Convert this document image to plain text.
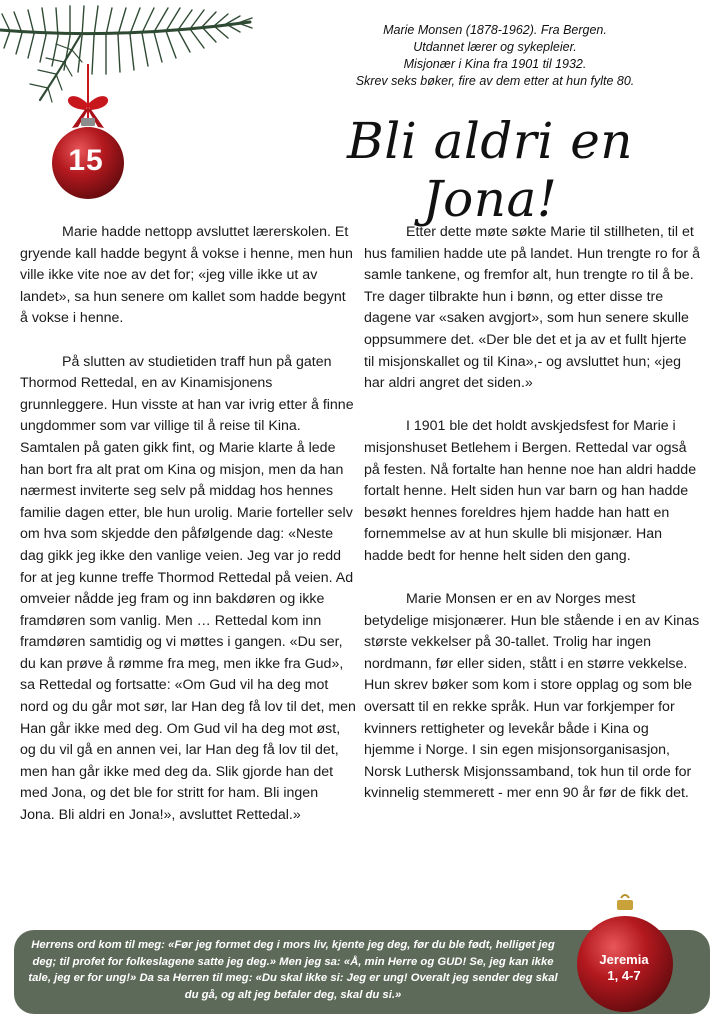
15
Marie Monsen (1878-1962). Fra Bergen.
Utdannet lærer og sykepleier.
Misjonær i Kina fra 1901 til 1932.
Skrev seks bøker, fire av dem etter at hun fylte 80.
Bli aldri en Jona!

Marie hadde nettopp avsluttet lærerskolen. Et gryende kall hadde begynt å vokse i henne, men hun ville ikke vite noe av det for; «jeg ville ikke ut av landet», sa hun senere om kallet som hadde begynt å vokse i henne.

På slutten av studietiden traff hun på gaten Thormod Rettedal, en av Kinamisjonens grunnleggere. Hun visste at han var ivrig etter å finne ungdommer som var villige til å reise til Kina. Samtalen på gaten gikk fint, og Marie klarte å lede han bort fra alt prat om Kina og misjon, men da han nærmest inviterte seg selv på middag hos hennes familie dagen etter, ble hun urolig. Marie forteller selv om hva som skjedde den påfølgende dag: «Neste dag gikk jeg ikke den vanlige veien. Jeg var jo redd for at jeg kunne treffe Thormod Rettedal på veien. Ad omveier nådde jeg fram og inn bakdøren og ikke framdøren som vanlig. Men … Rettedal kom inn framdøren samtidig og vi møttes i gangen. «Du ser, du kan prøve å rømme fra meg, men ikke fra Gud», sa Rettedal og fortsatte: «Om Gud vil ha deg mot nord og du går mot sør, lar Han deg få lov til det, men Han går ikke med deg. Om Gud vil ha deg mot øst, og du vil gå en annen vei, lar Han deg få lov til det, men han går ikke med deg da. Slik gjorde han det med Jona, og det ble for stritt for ham. Bli ingen Jona. Bli aldri en Jona!», avsluttet Rettedal.»

Etter dette møte søkte Marie til stillheten, til et hus familien hadde ute på landet. Hun trengte ro for å samle tankene, og fremfor alt, hun trengte ro til å be. Tre dager tilbrakte hun i bønn, og etter disse tre dagene var «saken avgjort», som hun senere skulle oppsummere det. «Der ble det et ja av et fullt hjerte til misjonskallet og til Kina»,- og avsluttet hun; «jeg har aldri angret det siden.»

I 1901 ble det holdt avskjedsfest for Marie i misjonshuset Betlehem i Bergen. Rettedal var også på festen. Nå fortalte han henne noe han aldri hadde fortalt henne. Helt siden hun var barn og han hadde besøkt hennes foreldres hjem hadde han hatt en fornemmelse av at hun skulle bli misjonær. Han hadde bedt for henne helt siden den gang.

Marie Monsen er en av Norges mest betydelige misjonærer. Hun ble stående i en av Kinas største vekkelser på 30-tallet. Trolig har ingen nordmann, før eller siden, stått i en større vekkelse. Hun skrev bøker som kom i store opplag og som ble oversatt til en rekke språk. Hun var forkjemper for kvinners rettigheter og levekår både i Kina og hjemme i Norge. I sin egen misjonsorganisasjon, Norsk Luthersk Misjonssamband, tok hun til orde for kvinnelig stemmerett - mer enn 90 år før de fikk det.

Herrens ord kom til meg: «Før jeg formet deg i mors liv, kjente jeg deg, før du ble født, helliget jeg deg; til profet for folkeslagene satte jeg deg.» Men jeg sa: «Å, min Herre og GUD! Se, jeg kan ikke tale, jeg er for ung!» Da sa Herren til meg: «Du skal ikke si: Jeg er ung! Overalt jeg sender deg skal du gå, og alt jeg befaler deg, skal du si.»
Jeremia
1, 4-7
